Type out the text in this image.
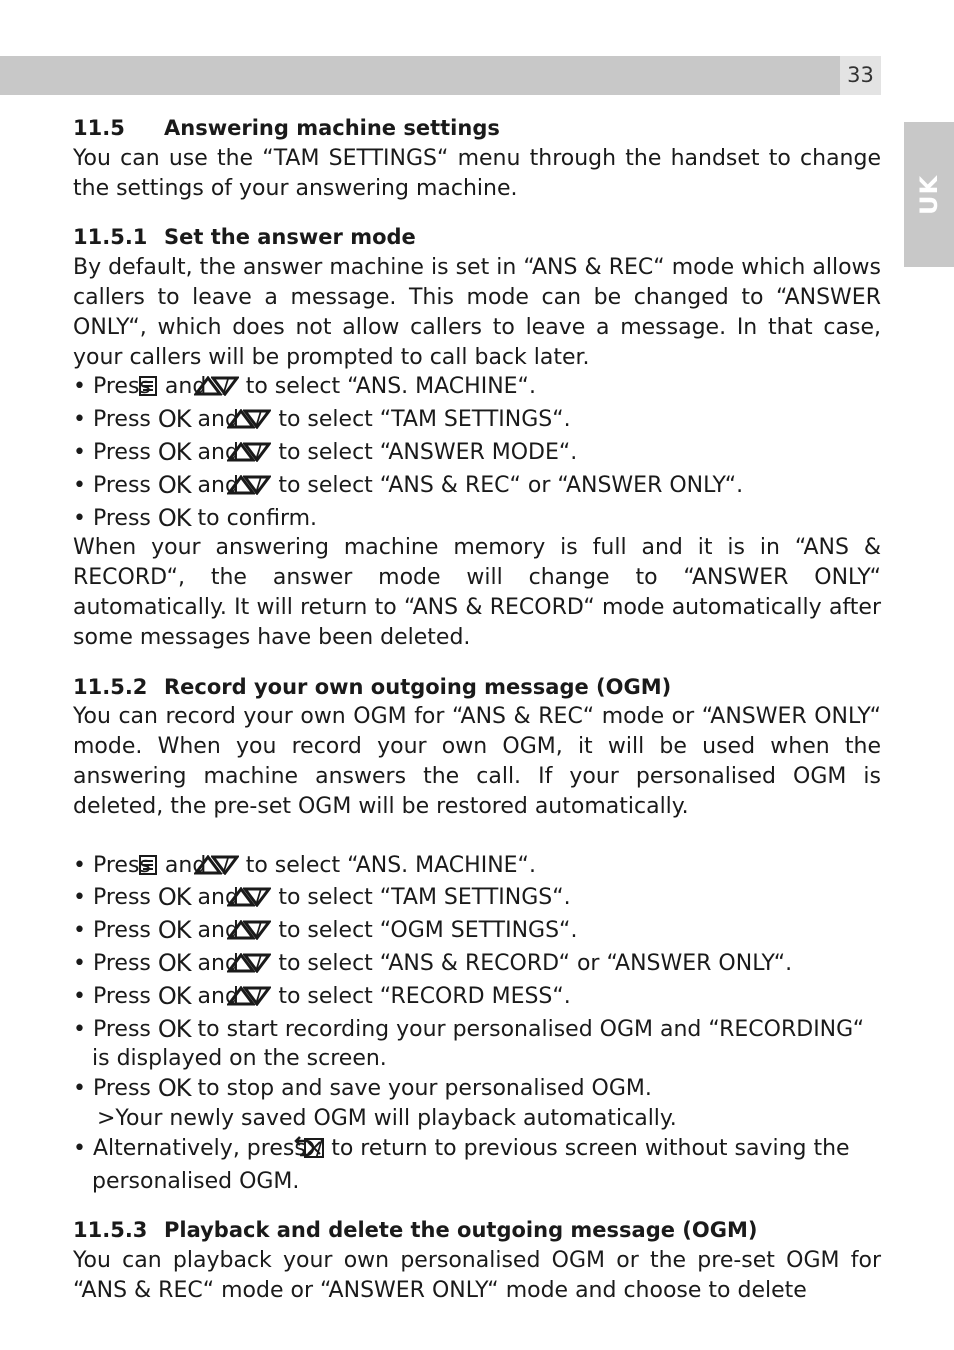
33
UK

11.5 Answering machine settings

You can use the “TAM SETTINGS“ menu through the handset to change the settings of your answering machine.

11.5.1 Set the answer mode

By default, the answer machine is set in “ANS & REC“ mode which allows callers to leave a message. This mode can be changed to “ANSWER ONLY“, which does not allow callers to leave a message. In that case, your callers will be prompted to call back later.

• Press and / to select “ANS. MACHINE“.

• Press OK and / to select “TAM SETTINGS“.

• Press OK and / to select “ANSWER MODE“.

• Press OK and / to select “ANS & REC“ or “ANSWER ONLY“.

• Press OK to confirm.

When your answering machine memory is full and it is in “ANS & RECORD“, the answer mode will change to “ANSWER ONLY“ automatically. It will return to “ANS & RECORD“ mode automatically after some messages have been deleted.

11.5.2 Record your own outgoing message (OGM)

You can record your own OGM for “ANS & REC“ mode or “ANSWER ONLY“ mode. When you record your own OGM, it will be used when the answering machine answers the call. If your personalised OGM is deleted, the pre-set OGM will be restored automatically.

• Press and / to select “ANS. MACHINE“.

• Press OK and / to select “TAM SETTINGS“.

• Press OK and / to select “OGM SETTINGS“.

• Press OK and / to select “ANS & RECORD“ or “ANSWER ONLY“.

• Press OK and / to select “RECORD MESS“.

• Press OK to start recording your personalised OGM and “RECORDING“ is displayed on the screen.

• Press OK to stop and save your personalised OGM.

>Your newly saved OGM will playback automatically.

• Alternatively, press / to return to previous screen without saving the personalised OGM.

11.5.3 Playback and delete the outgoing message (OGM)

You can playback your own personalised OGM or the pre-set OGM for “ANS & REC“ mode or “ANSWER ONLY“ mode and choose to delete
